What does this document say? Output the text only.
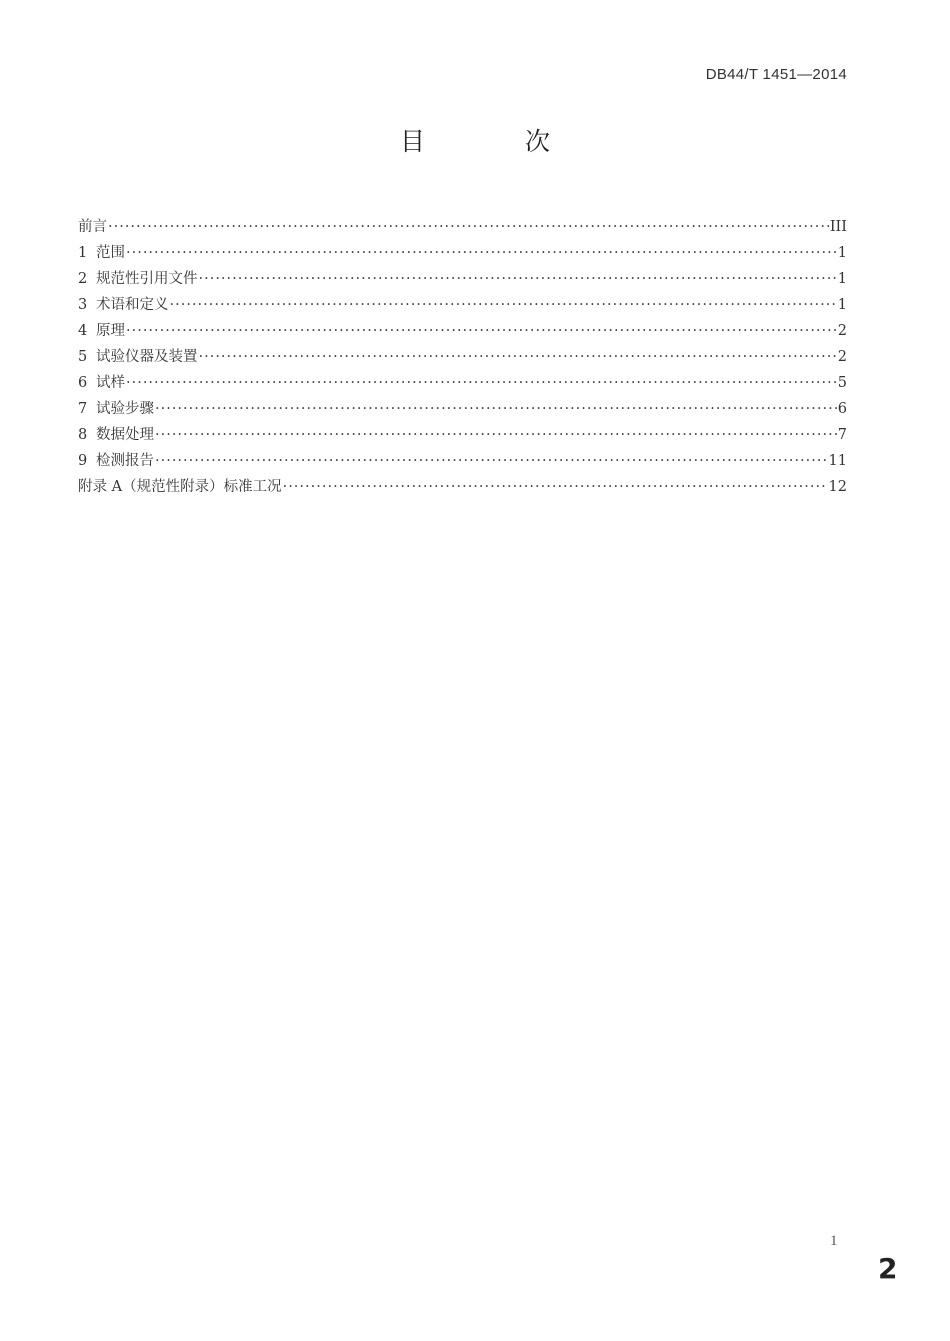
DB44/T 1451—2014
目 次
前言 ·····	III
1 范围 ·····	1
2 规范性引用文件 ·····	1
3 术语和定义 ·····	1
4 原理 ·····	2
5 试验仪器及装置 ·····	2
6 试样 ·····	5
7 试验步骤 ·····	6
8 数据处理 ·····	7
9 检测报告 ·····	11
附录 A（规范性附录）标准工况 ·····	12
1
2
